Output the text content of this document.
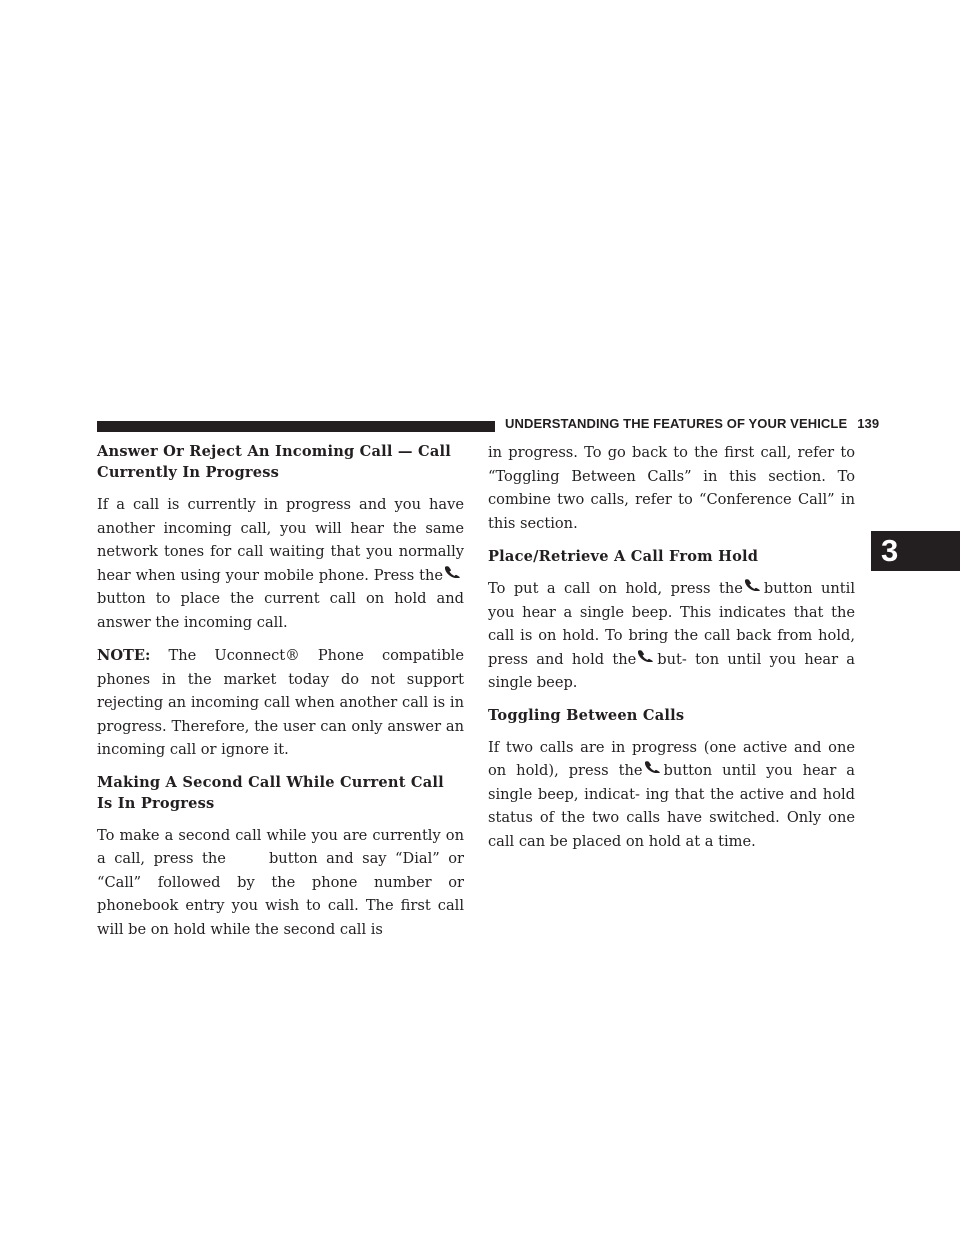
UNDERSTANDING THE FEATURES OF YOUR VEHICLE 139
3
Answer Or Reject An Incoming Call — Call Currently In Progress

If a call is currently in progress and you have another incoming call, you will hear the same network tones for call waiting that you normally hear when using your mobile phone. Press thebutton to place the current call on hold and answer the incoming call.

NOTE: The Uconnect® Phone compatible phones in the market today do not support rejecting an incoming call when another call is in progress. Therefore, the user can only answer an incoming call or ignore it.

Making A Second Call While Current Call Is In Progress

To make a second call while you are currently on a call, press the	button and say “Dial” or “Call” followed by the phone number or phonebook entry you wish to call. The first call will be on hold while the second call is

in progress. To go back to the first call, refer to “Toggling Between Calls” in this section. To combine two calls, refer to “Conference Call” in this section.

Place/Retrieve A Call From Hold

To put a call on hold, press the button until you hear a single beep. This indicates that the call is on hold. To bring the call back from hold, press and hold the but- ton until you hear a single beep.

Toggling Between Calls

If two calls are in progress (one active and one on hold), press the button until you hear a single beep, indicat- ing that the active and hold status of the two calls have switched. Only one call can be placed on hold at a time.
